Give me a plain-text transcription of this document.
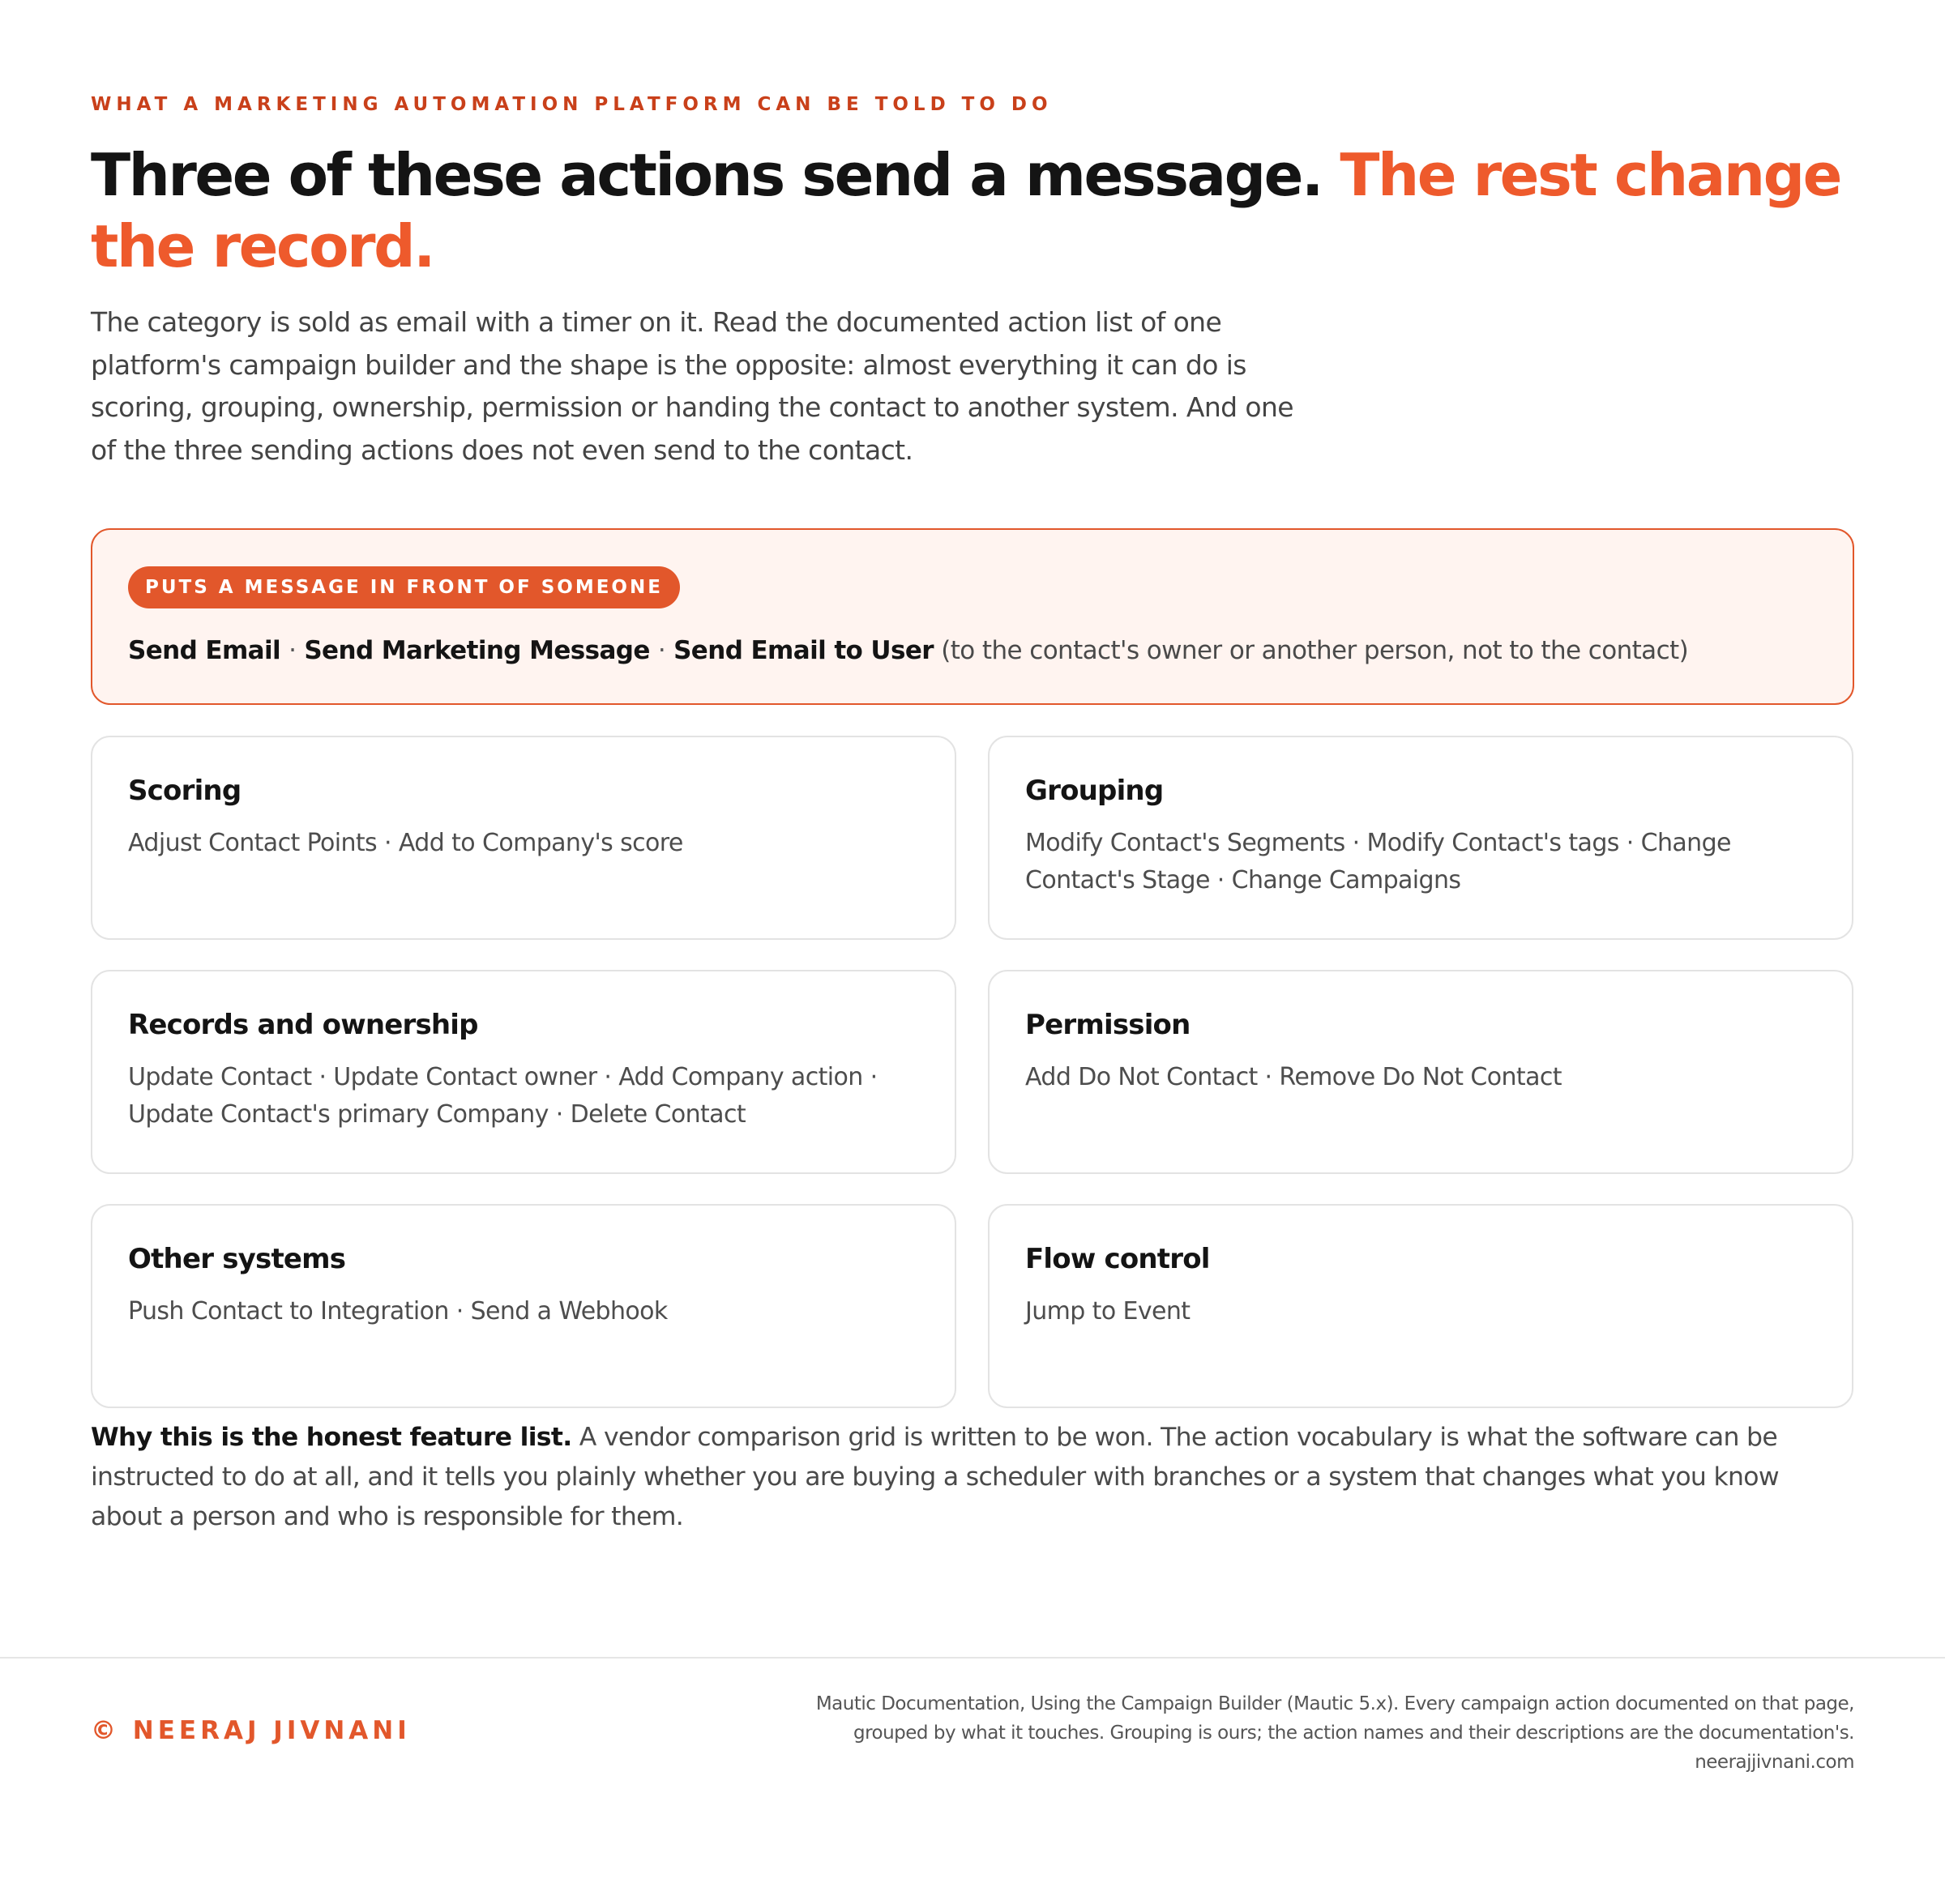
WHAT A MARKETING AUTOMATION PLATFORM CAN BE TOLD TO DO
Three of these actions send a message. The rest change the record.

The category is sold as email with a timer on it. Read the documented action list of one platform's campaign builder and the shape is the opposite: almost everything it can do is scoring, grouping, ownership, permission or handing the contact to another system. And one of the three sending actions does not even send to the contact.

PUTS A MESSAGE IN FRONT OF SOMEONE
Send Email · Send Marketing Message · Send Email to User (to the contact's owner or another person, not to the contact)
Scoring

Adjust Contact Points · Add to Company's score

Grouping

Modify Contact's Segments · Modify Contact's tags · Change Contact's Stage · Change Campaigns

Records and ownership

Update Contact · Update Contact owner · Add Company action · Update Contact's primary Company · Delete Contact

Permission

Add Do Not Contact · Remove Do Not Contact

Other systems

Push Contact to Integration · Send a Webhook

Flow control

Jump to Event

Why this is the honest feature list. A vendor comparison grid is written to be won. The action vocabulary is what the software can be instructed to do at all, and it tells you plainly whether you are buying a scheduler with branches or a system that changes what you know about a person and who is responsible for them.

© NEERAJ JIVNANI
Mautic Documentation, Using the Campaign Builder (Mautic 5.x). Every campaign action documented on that page,
grouped by what it touches. Grouping is ours; the action names and their descriptions are the documentation's.
neerajjivnani.com
